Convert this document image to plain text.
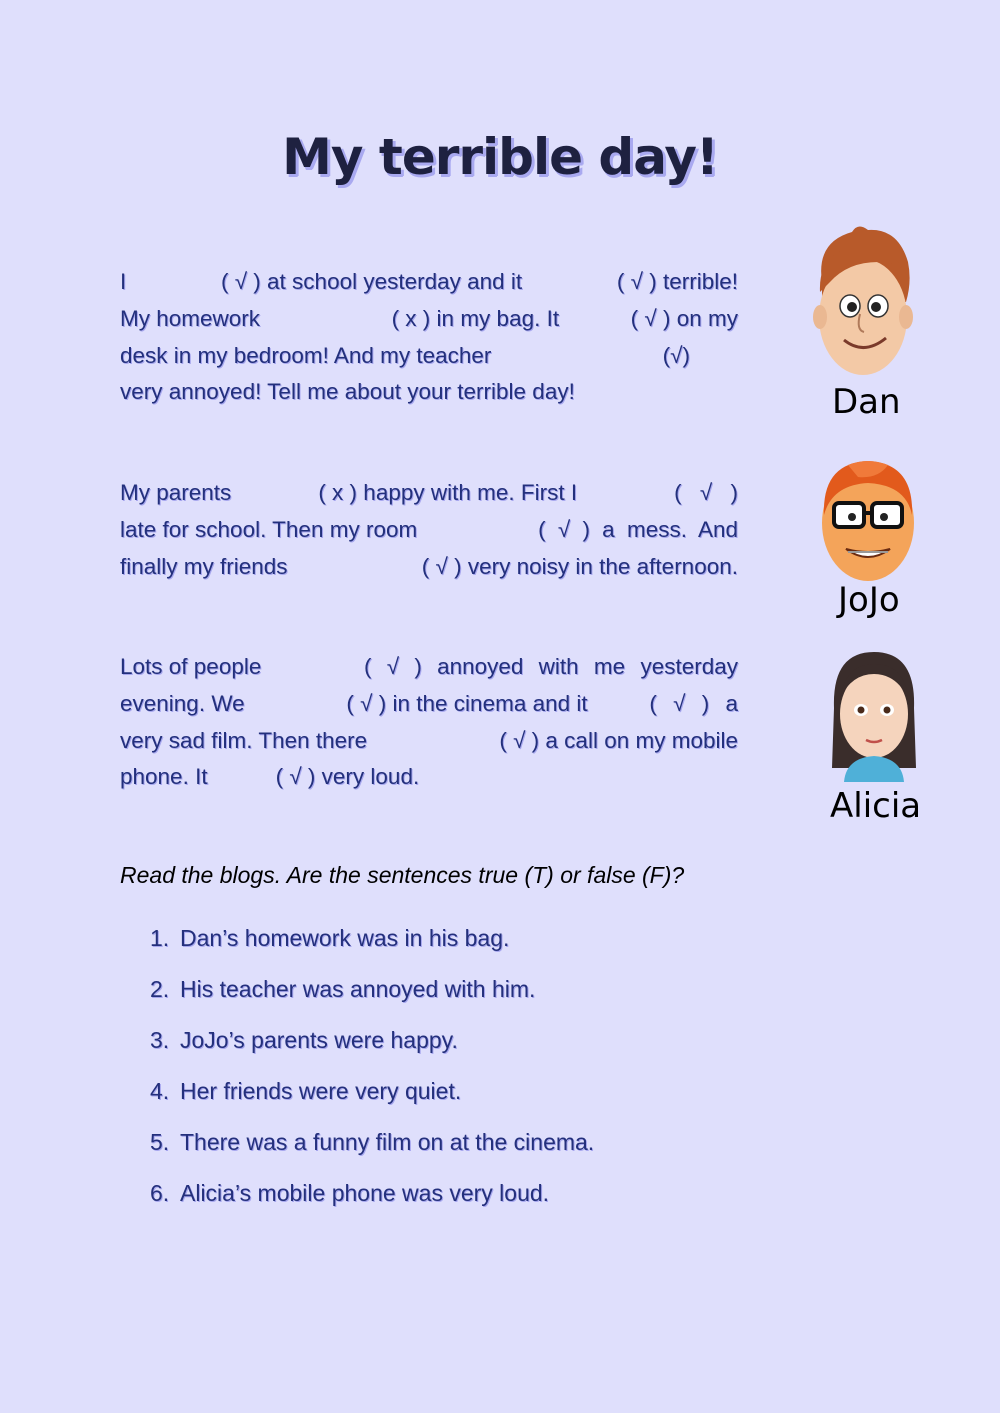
My terrible day!
I	( √ ) at school yesterday and it	( √ ) terrible!
My homework	( x ) in my bag. It	( √ ) on my
desk in my bedroom! And my teacher	(√)
very annoyed! Tell me about your terrible day!
My parents	( x ) happy with me. First I	( √ )
late for school. Then my room	( √ ) a mess. And
finally my friends	( √ ) very noisy in the afternoon.
Lots of people	( √ ) annoyed with me yesterday
evening. We	( √ ) in the cinema and it	( √ ) a
very sad film. Then there	( √ ) a call on my mobile
phone. It	( √ ) very loud.
Dan
JoJo
Alicia
Read the blogs. Are the sentences true (T) or false (F)?
1. Dan’s homework was in his bag.
2. His teacher was annoyed with him.
3. JoJo’s parents were happy.
4. Her friends were very quiet.
5. There was a funny film on at the cinema.
6. Alicia’s mobile phone was very loud.
